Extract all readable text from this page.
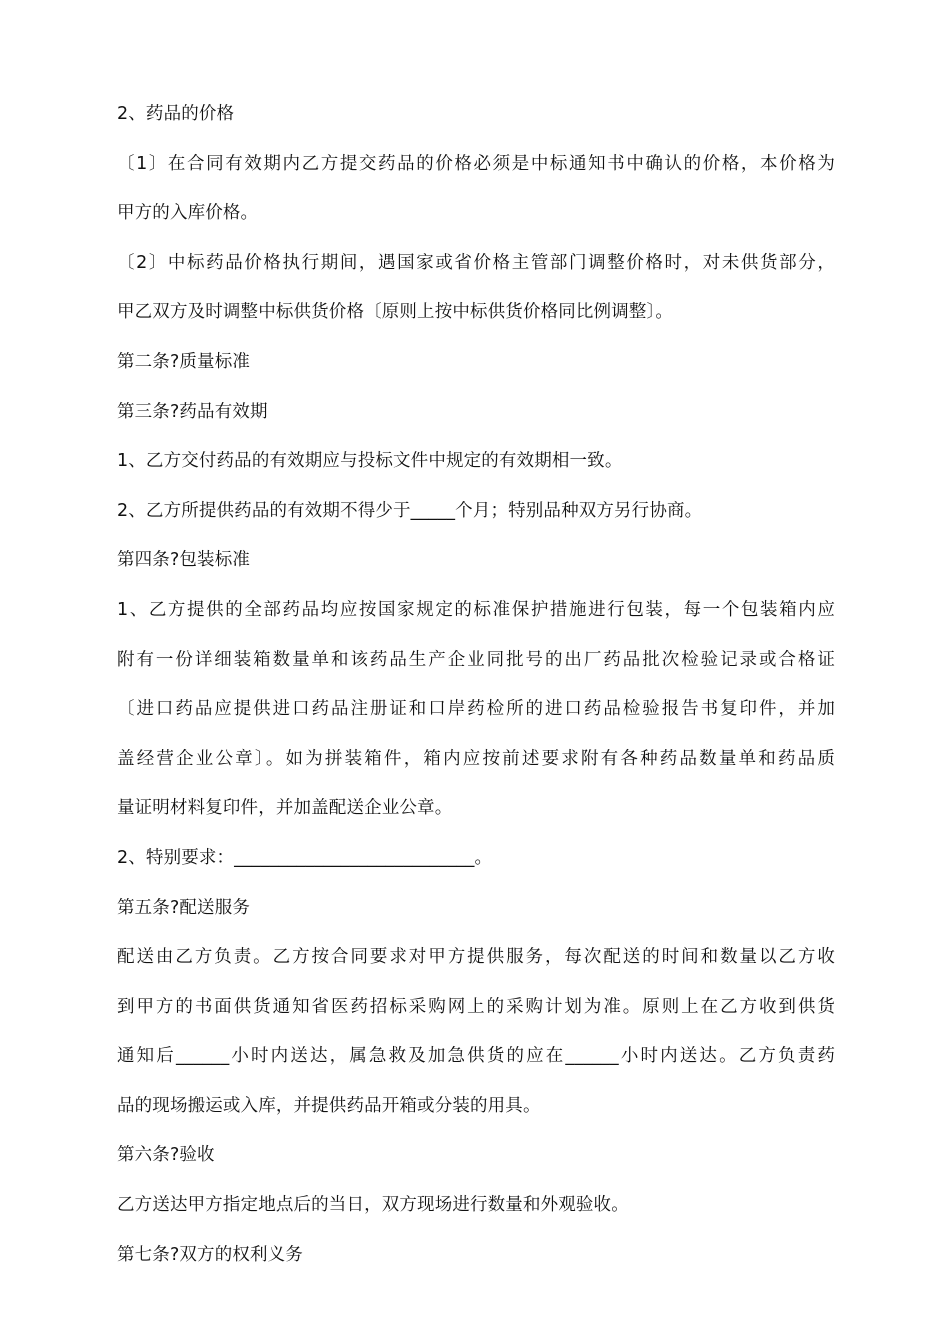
2、药品的价格
〔1〕在合同有效期内乙方提交药品的价格必须是中标通知书中确认的价格，本价格为
甲方的入库价格。
〔2〕中标药品价格执行期间，遇国家或省价格主管部门调整价格时，对未供货部分，
甲乙双方及时调整中标供货价格〔原则上按中标供货价格同比例调整〕。
第二条?质量标准
第三条?药品有效期
1、乙方交付药品的有效期应与投标文件中规定的有效期相一致。
2、乙方所提供药品的有效期不得少于_____个月；特别品种双方另行协商。
第四条?包装标准
1、乙方提供的全部药品均应按国家规定的标准保护措施进行包装，每一个包装箱内应
附有一份详细装箱数量单和该药品生产企业同批号的出厂药品批次检验记录或合格证
〔进口药品应提供进口药品注册证和口岸药检所的进口药品检验报告书复印件，并加
盖经营企业公章〕。如为拼装箱件，箱内应按前述要求附有各种药品数量单和药品质
量证明材料复印件，并加盖配送企业公章。
2、特别要求：___________________________。
第五条?配送服务
配送由乙方负责。乙方按合同要求对甲方提供服务，每次配送的时间和数量以乙方收
到甲方的书面供货通知省医药招标采购网上的采购计划为准。原则上在乙方收到供货
通知后______小时内送达，属急救及加急供货的应在______小时内送达。乙方负责药
品的现场搬运或入库，并提供药品开箱或分装的用具。
第六条?验收
乙方送达甲方指定地点后的当日，双方现场进行数量和外观验收。
第七条?双方的权利义务
